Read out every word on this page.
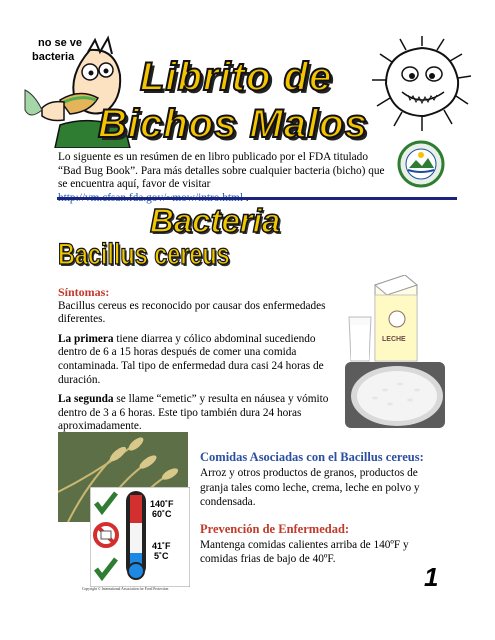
no se ve
bacteria Librito de
Bichos Malos
Lo siguente es un resúmen de en libro publicado por el FDA titulado “Bad Bug Book”. Para más detalles sobre cualquier bacteria (bicho) que se encuentra aquí, favor de visitar
Bacteria
Bacillus cereus
Síntomas:

Bacillus cereus es reconocido por causar dos enfermedades diferentes.

La primera tiene diarrea y cólico abdominal sucediendo dentro de 6 a 15 horas después de comer una comida contaminada. Tal tipo de enfermedad dura casi 24 horas de duración.

La segunda se llame “emetic” y resulta en náusea y vómito dentro de 3 a 6 horas. Este tipo también dura 24 horas aproximadamente.

LECHE
140˚F
60˚C
41˚F
5˚C
Copyright © International Association for Food Protection
Comidas Asociadas con el Bacillus cereus:
Arroz y otros productos de granos, productos de granja tales como leche, crema, leche en polvo y condensada.
Prevención de Enfermedad:
Mantenga comidas calientes arriba de 140ºF y comidas frias de bajo de 40ºF.
1
